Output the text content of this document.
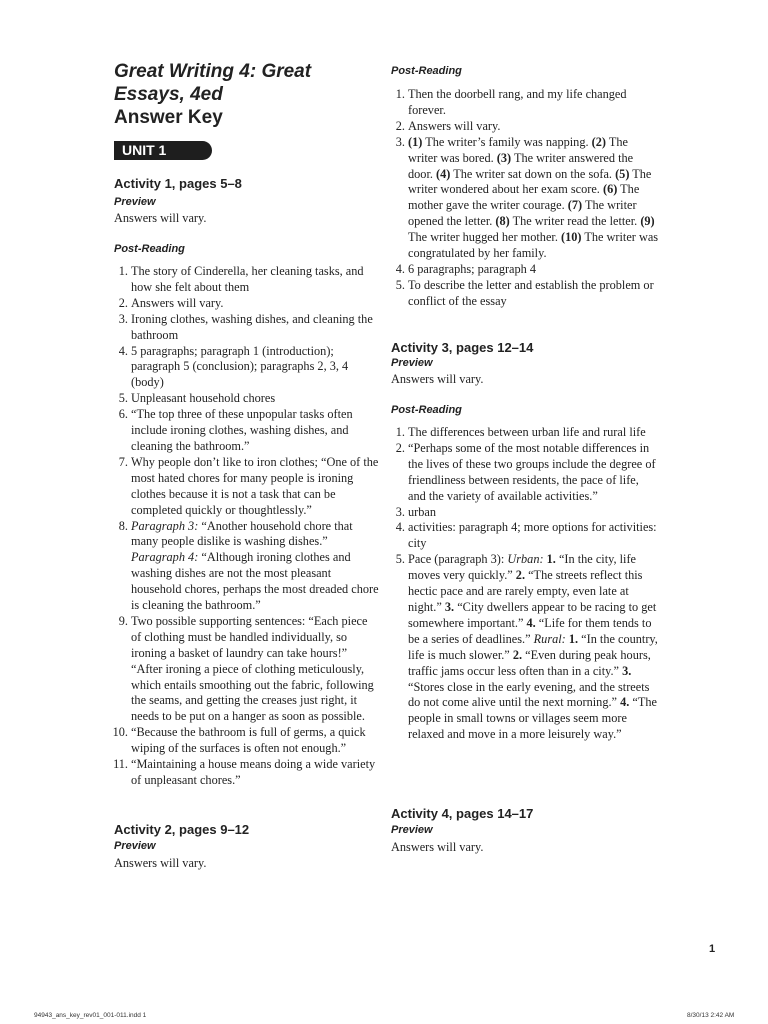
Great Writing 4: Great
Essays, 4ed
Answer Key
UNIT 1
Activity 1, pages 5–8
Preview
Answers will vary.
Post-Reading
1. The story of Cinderella, her cleaning tasks, and how she felt about them
2. Answers will vary.
3. Ironing clothes, washing dishes, and cleaning the bathroom
4. 5 paragraphs; paragraph 1 (introduction); paragraph 5 (conclusion); paragraphs 2, 3, 4 (body)
5. Unpleasant household chores
6. “The top three of these unpopular tasks often include ironing clothes, washing dishes, and cleaning the bathroom.”
7. Why people don’t like to iron clothes; “One of the most hated chores for many people is ironing clothes because it is not a task that can be completed quickly or thoughtlessly.”
8. Paragraph 3: “Another household chore that many people dislike is washing dishes.” Paragraph 4: “Although ironing clothes and washing dishes are not the most pleasant household chores, perhaps the most dreaded chore is cleaning the bathroom.”
9. Two possible supporting sentences: “Each piece of clothing must be handled individually, so ironing a basket of laundry can take hours!” “After ironing a piece of clothing meticulously, which entails smoothing out the fabric, following the seams, and getting the creases just right, it needs to be put on a hanger as soon as possible.
10. “Because the bathroom is full of germs, a quick wiping of the surfaces is often not enough.”
11. “Maintaining a house means doing a wide variety of unpleasant chores.”
Activity 2, pages 9–12
Preview
Answers will vary.
Post-Reading
1. Then the doorbell rang, and my life changed forever.
2. Answers will vary.
3. (1) The writer’s family was napping. (2) The writer was bored. (3) The writer answered the door. (4) The writer sat down on the sofa. (5) The writer wondered about her exam score. (6) The mother gave the writer courage. (7) The writer opened the letter. (8) The writer read the letter. (9) The writer hugged her mother. (10) The writer was congratulated by her family.
4. 6 paragraphs; paragraph 4
5. To describe the letter and establish the problem or conflict of the essay
Activity 3, pages 12–14
Preview
Answers will vary.
Post-Reading
1. The differences between urban life and rural life
2. “Perhaps some of the most notable differences in the lives of these two groups include the degree of friendliness between residents, the pace of life, and the variety of available activities.”
3. urban
4. activities: paragraph 4; more options for activities: city
5. Pace (paragraph 3): Urban: 1. “In the city, life moves very quickly.” 2. “The streets reflect this hectic pace and are rarely empty, even late at night.” 3. “City dwellers appear to be racing to get somewhere important.” 4. “Life for them tends to be a series of deadlines.” Rural: 1. “In the country, life is much slower.” 2. “Even during peak hours, traffic jams occur less often than in a city.” 3. “Stores close in the early evening, and the streets do not come alive until the next morning.” 4. “The people in small towns or villages seem more relaxed and move in a more leisurely way.”
Activity 4, pages 14–17
Preview
Answers will vary.
1
94943_ans_key_rev01_001-011.indd 1	8/30/13 2:42 AM
